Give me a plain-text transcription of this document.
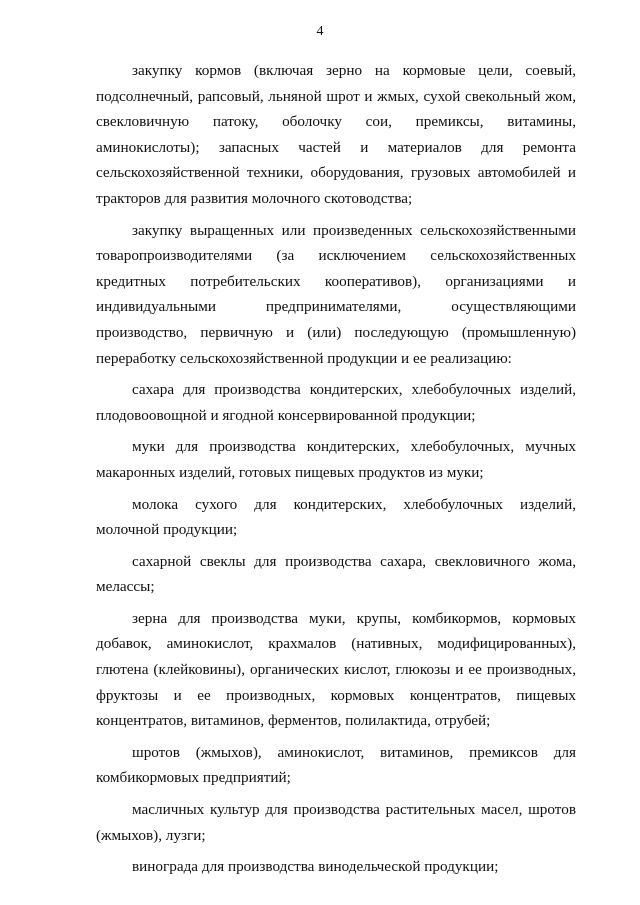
4

закупку кормов (включая зерно на кормовые цели, соевый, подсолнечный, рапсовый, льняной шрот и жмых, сухой свекольный жом, свекловичную патоку, оболочку сои, премиксы, витамины, аминокислоты); запасных частей и материалов для ремонта сельскохозяйственной техники, оборудования, грузовых автомобилей и тракторов для развития молочного скотоводства;

закупку выращенных или произведенных сельскохозяйственными товаропроизводителями (за исключением сельскохозяйственных кредитных потребительских кооперативов), организациями и индивидуальными предпринимателями, осуществляющими производство, первичную и (или) последующую (промышленную) переработку сельскохозяйственной продукции и ее реализацию:

сахара для производства кондитерских, хлебобулочных изделий, плодовоовощной и ягодной консервированной продукции;

муки для производства кондитерских, хлебобулочных, мучных макаронных изделий, готовых пищевых продуктов из муки;

молока сухого для кондитерских, хлебобулочных изделий, молочной продукции;

сахарной свеклы для производства сахара, свекловичного жома, мелассы;

зерна для производства муки, крупы, комбикормов, кормовых добавок, аминокислот, крахмалов (нативных, модифицированных), глютена (клейковины), органических кислот, глюкозы и ее производных, фруктозы и ее производных, кормовых концентратов, пищевых концентратов, витаминов, ферментов, полилактида, отрубей;

шротов (жмыхов), аминокислот, витаминов, премиксов для комбикормовых предприятий;

масличных культур для производства растительных масел, шротов (жмыхов), лузги;

винограда для производства винодельческой продукции;
